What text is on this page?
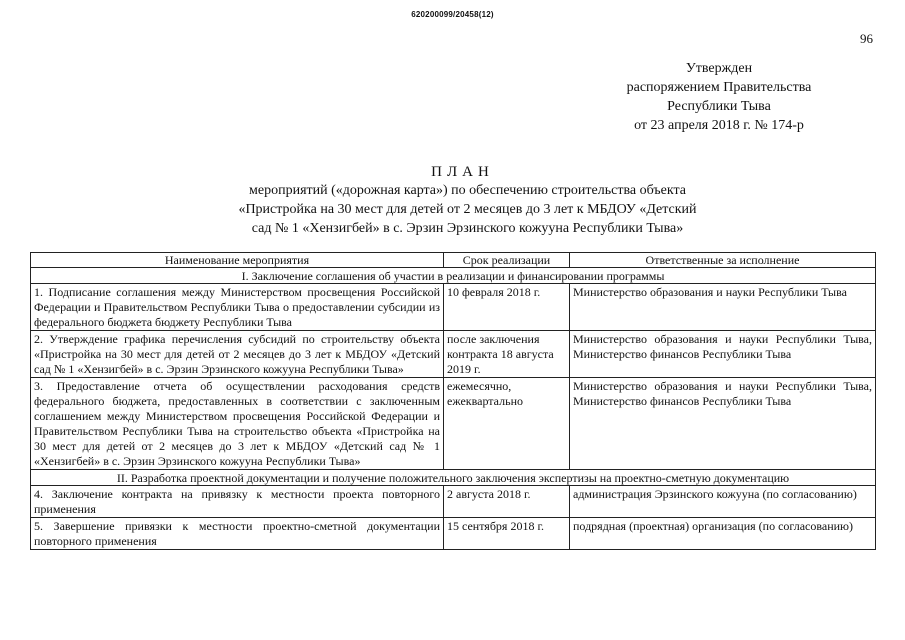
620200099/20458(12)
96
Утвержден
распоряжением Правительства
Республики Тыва
от 23 апреля 2018 г. № 174-р
ПЛАН
мероприятий («дорожная карта») по обеспечению строительства объекта
«Пристройка на 30 мест для детей от 2 месяцев до 3 лет к МБДОУ «Детский
сад № 1 «Хензигбей» в с. Эрзин Эрзинского кожууна Республики Тыва»
Наименование мероприятия	Срок реализации	Ответственные за исполнение
I. Заключение соглашения об участии в реализации и финансировании программы		
1. Подписание соглашения между Министерством просвещения Российской Федерации и Правительством Республики Тыва о предоставлении субсидии из федерального бюджета бюджету Республики Тыва	10 февраля 2018 г.	Министерство образования и науки Республики Тыва
2. Утверждение графика перечисления субсидий по строительству объекта «Пристройка на 30 мест для детей от 2 месяцев до 3 лет к МБДОУ «Детский сад № 1 «Хензигбей» в с. Эрзин Эрзинского кожууна Республики Тыва»	после заключения контракта 18 августа 2019 г.	Министерство образования и науки Республики Тыва, Министерство финансов Республики Тыва
3. Предоставление отчета об осуществлении расходования средств федерального бюджета, предоставленных в соответствии с заключенным соглашением между Министерством просвещения Российской Федерации и Правительством Республики Тыва на строительство объекта «Пристройка на 30 мест для детей от 2 месяцев до 3 лет к МБДОУ «Детский сад № 1 «Хензигбей» в с. Эрзин Эрзинского кожууна Республики Тыва»	ежемесячно, ежеквартально	Министерство образования и науки Республики Тыва, Министерство финансов Республики Тыва
II. Разработка проектной документации и получение положительного заключения экспертизы на проектно-сметную документацию		
4. Заключение контракта на привязку к местности проекта повторного применения	2 августа 2018 г.	администрация Эрзинского кожууна (по согласованию)
5. Завершение привязки к местности проектно-сметной документации повторного применения	15 сентября 2018 г.	подрядная (проектная) организация (по согласованию)
